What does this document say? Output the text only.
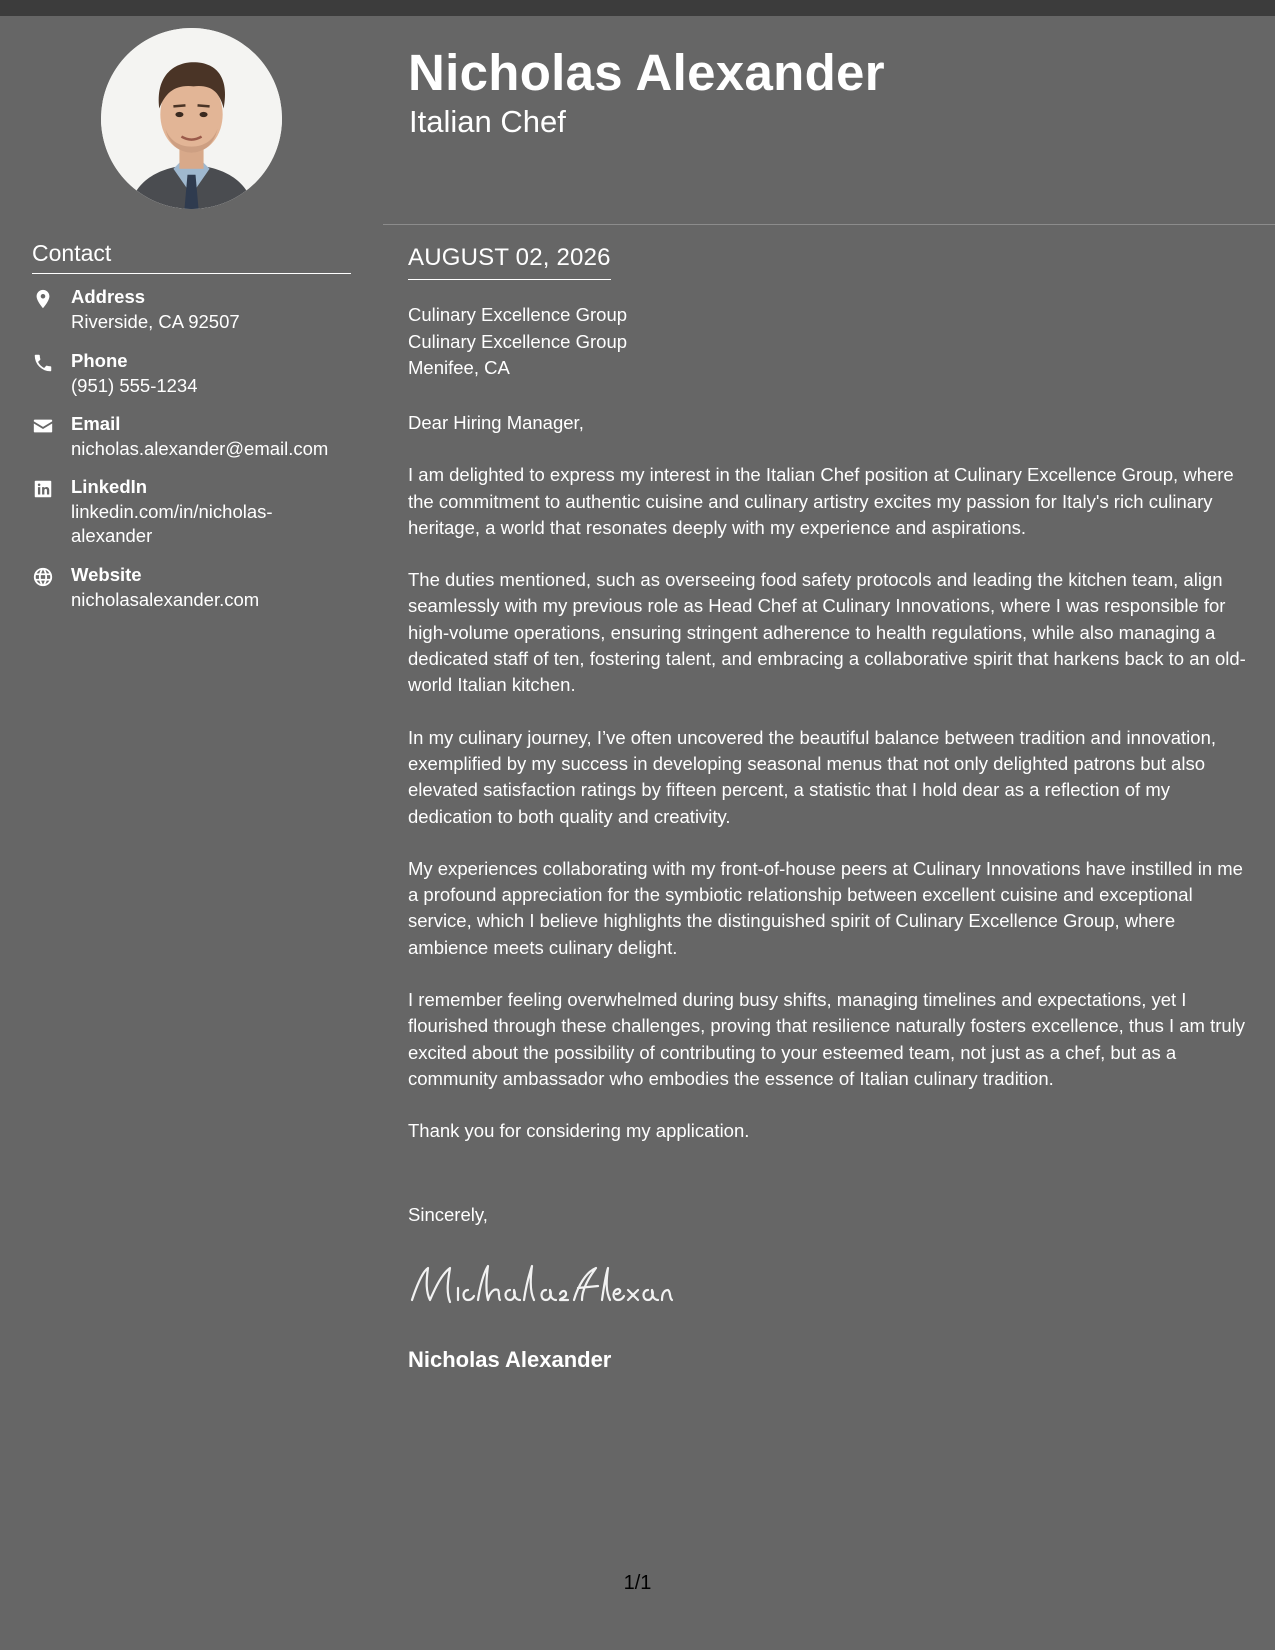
Nicholas Alexander
Italian Chef
Contact
Address
Riverside, CA 92507
Phone
(951) 555-1234
Email
nicholas.alexander@email.com
LinkedIn
linkedin.com/in/nicholas-alexander
Website
nicholasalexander.com
AUGUST 02, 2026
Culinary Excellence Group
Culinary Excellence Group
Menifee, CA

Dear Hiring Manager,

I am delighted to express my interest in the Italian Chef position at Culinary Excellence Group, where the commitment to authentic cuisine and culinary artistry excites my passion for Italy's rich culinary heritage, a world that resonates deeply with my experience and aspirations.

The duties mentioned, such as overseeing food safety protocols and leading the kitchen team, align seamlessly with my previous role as Head Chef at Culinary Innovations, where I was responsible for high-volume operations, ensuring stringent adherence to health regulations, while also managing a dedicated staff of ten, fostering talent, and embracing a collaborative spirit that harkens back to an old-world Italian kitchen.

In my culinary journey, I’ve often uncovered the beautiful balance between tradition and innovation, exemplified by my success in developing seasonal menus that not only delighted patrons but also elevated satisfaction ratings by fifteen percent, a statistic that I hold dear as a reflection of my dedication to both quality and creativity.

My experiences collaborating with my front-of-house peers at Culinary Innovations have instilled in me a profound appreciation for the symbiotic relationship between excellent cuisine and exceptional service, which I believe highlights the distinguished spirit of Culinary Excellence Group, where ambience meets culinary delight.

I remember feeling overwhelmed during busy shifts, managing timelines and expectations, yet I flourished through these challenges, proving that resilience naturally fosters excellence, thus I am truly excited about the possibility of contributing to your esteemed team, not just as a chef, but as a community ambassador who embodies the essence of Italian culinary tradition.

Thank you for considering my application.

Sincerely,
Nicholas Alexander
1/1
